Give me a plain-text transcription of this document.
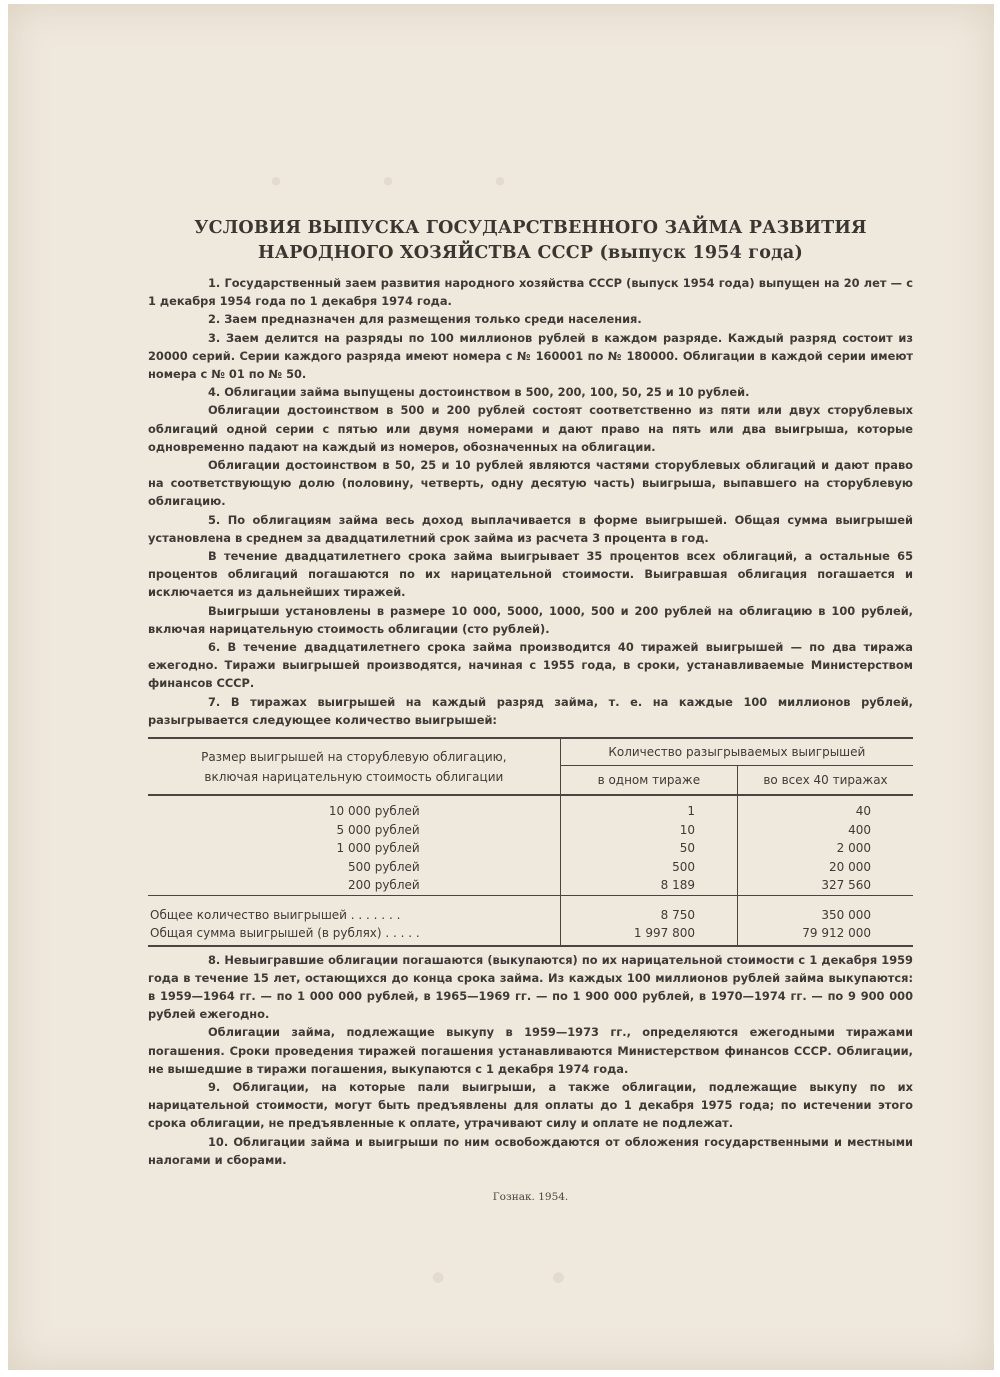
· · ·
· ·
УСЛОВИЯ ВЫПУСКА ГОСУДАРСТВЕННОГО ЗАЙМА РАЗВИТИЯ
НАРОДНОГО ХОЗЯЙСТВА СССР (выпуск 1954 года)

1. Государственный заем развития народного хозяйства СССР (выпуск 1954 года) выпущен на 20 лет — с 1 декабря 1954 года по 1 декабря 1974 года.

2. Заем предназначен для размещения только среди населения.

3. Заем делится на разряды по 100 миллионов рублей в каждом разряде. Каждый разряд состоит из 20000 серий. Серии каждого разряда имеют номера с № 160001 по № 180000. Облигации в каждой серии имеют номера с № 01 по № 50.

4. Облигации займа выпущены достоинством в 500, 200, 100, 50, 25 и 10 рублей.

Облигации достоинством в 500 и 200 рублей состоят соответственно из пяти или двух сторублевых облигаций одной серии с пятью или двумя номерами и дают право на пять или два выигрыша, которые одновременно падают на каждый из номеров, обозначенных на облигации.

Облигации достоинством в 50, 25 и 10 рублей являются частями сторублевых облигаций и дают право на соответствующую долю (половину, четверть, одну десятую часть) выигрыша, выпавшего на сторублевую облигацию.

5. По облигациям займа весь доход выплачивается в форме выигрышей. Общая сумма выигрышей установлена в среднем за двадцатилетний срок займа из расчета 3 процента в год.

В течение двадцатилетнего срока займа выигрывает 35 процентов всех облигаций, а остальные 65 процентов облигаций погашаются по их нарицательной стоимости. Выигравшая облигация погашается и исключается из дальнейших тиражей.

Выигрыши установлены в размере 10 000, 5000, 1000, 500 и 200 рублей на облигацию в 100 рублей, включая нарицательную стоимость облигации (сто рублей).

6. В течение двадцатилетнего срока займа производится 40 тиражей выигрышей — по два тиража ежегодно. Тиражи выигрышей производятся, начиная с 1955 года, в сроки, устанавливаемые Министерством финансов СССР.

7. В тиражах выигрышей на каждый разряд займа, т. е. на каждые 100 миллионов рублей, разыгрывается следующее количество выигрышей:

Размер выигрышей на сторублевую облигацию,
включая нарицательную стоимость облигации	Количество разыгрываемых выигрышей	
	в одном тираже	во всех 40 тиражах
10 000 рублей	1	40
5 000 рублей	10	400
1 000 рублей	50	2 000
500 рублей	500	20 000
200 рублей	8 189	327 560

Общее количество выигрышей . . . . . . .	8 750	350 000
Общая сумма выигрышей (в рублях) . . . . .	1 997 800	79 912 000

8. Невыигравшие облигации погашаются (выкупаются) по их нарицательной стоимости с 1 декабря 1959 года в течение 15 лет, остающихся до конца срока займа. Из каждых 100 миллионов рублей займа выкупаются: в 1959—1964 гг. — по 1 000 000 рублей, в 1965—1969 гг. — по 1 900 000 рублей, в 1970—1974 гг. — по 9 900 000 рублей ежегодно.

Облигации займа, подлежащие выкупу в 1959—1973 гг., определяются ежегодными тиражами погашения. Сроки проведения тиражей погашения устанавливаются Министерством финансов СССР. Облигации, не вышедшие в тиражи погашения, выкупаются с 1 декабря 1974 года.

9. Облигации, на которые пали выигрыши, а также облигации, подлежащие выкупу по их нарицательной стоимости, могут быть предъявлены для оплаты до 1 декабря 1975 года; по истечении этого срока облигации, не предъявленные к оплате, утрачивают силу и оплате не подлежат.

10. Облигации займа и выигрыши по ним освобождаются от обложения государственными и местными налогами и сборами.

Гознак. 1954.
